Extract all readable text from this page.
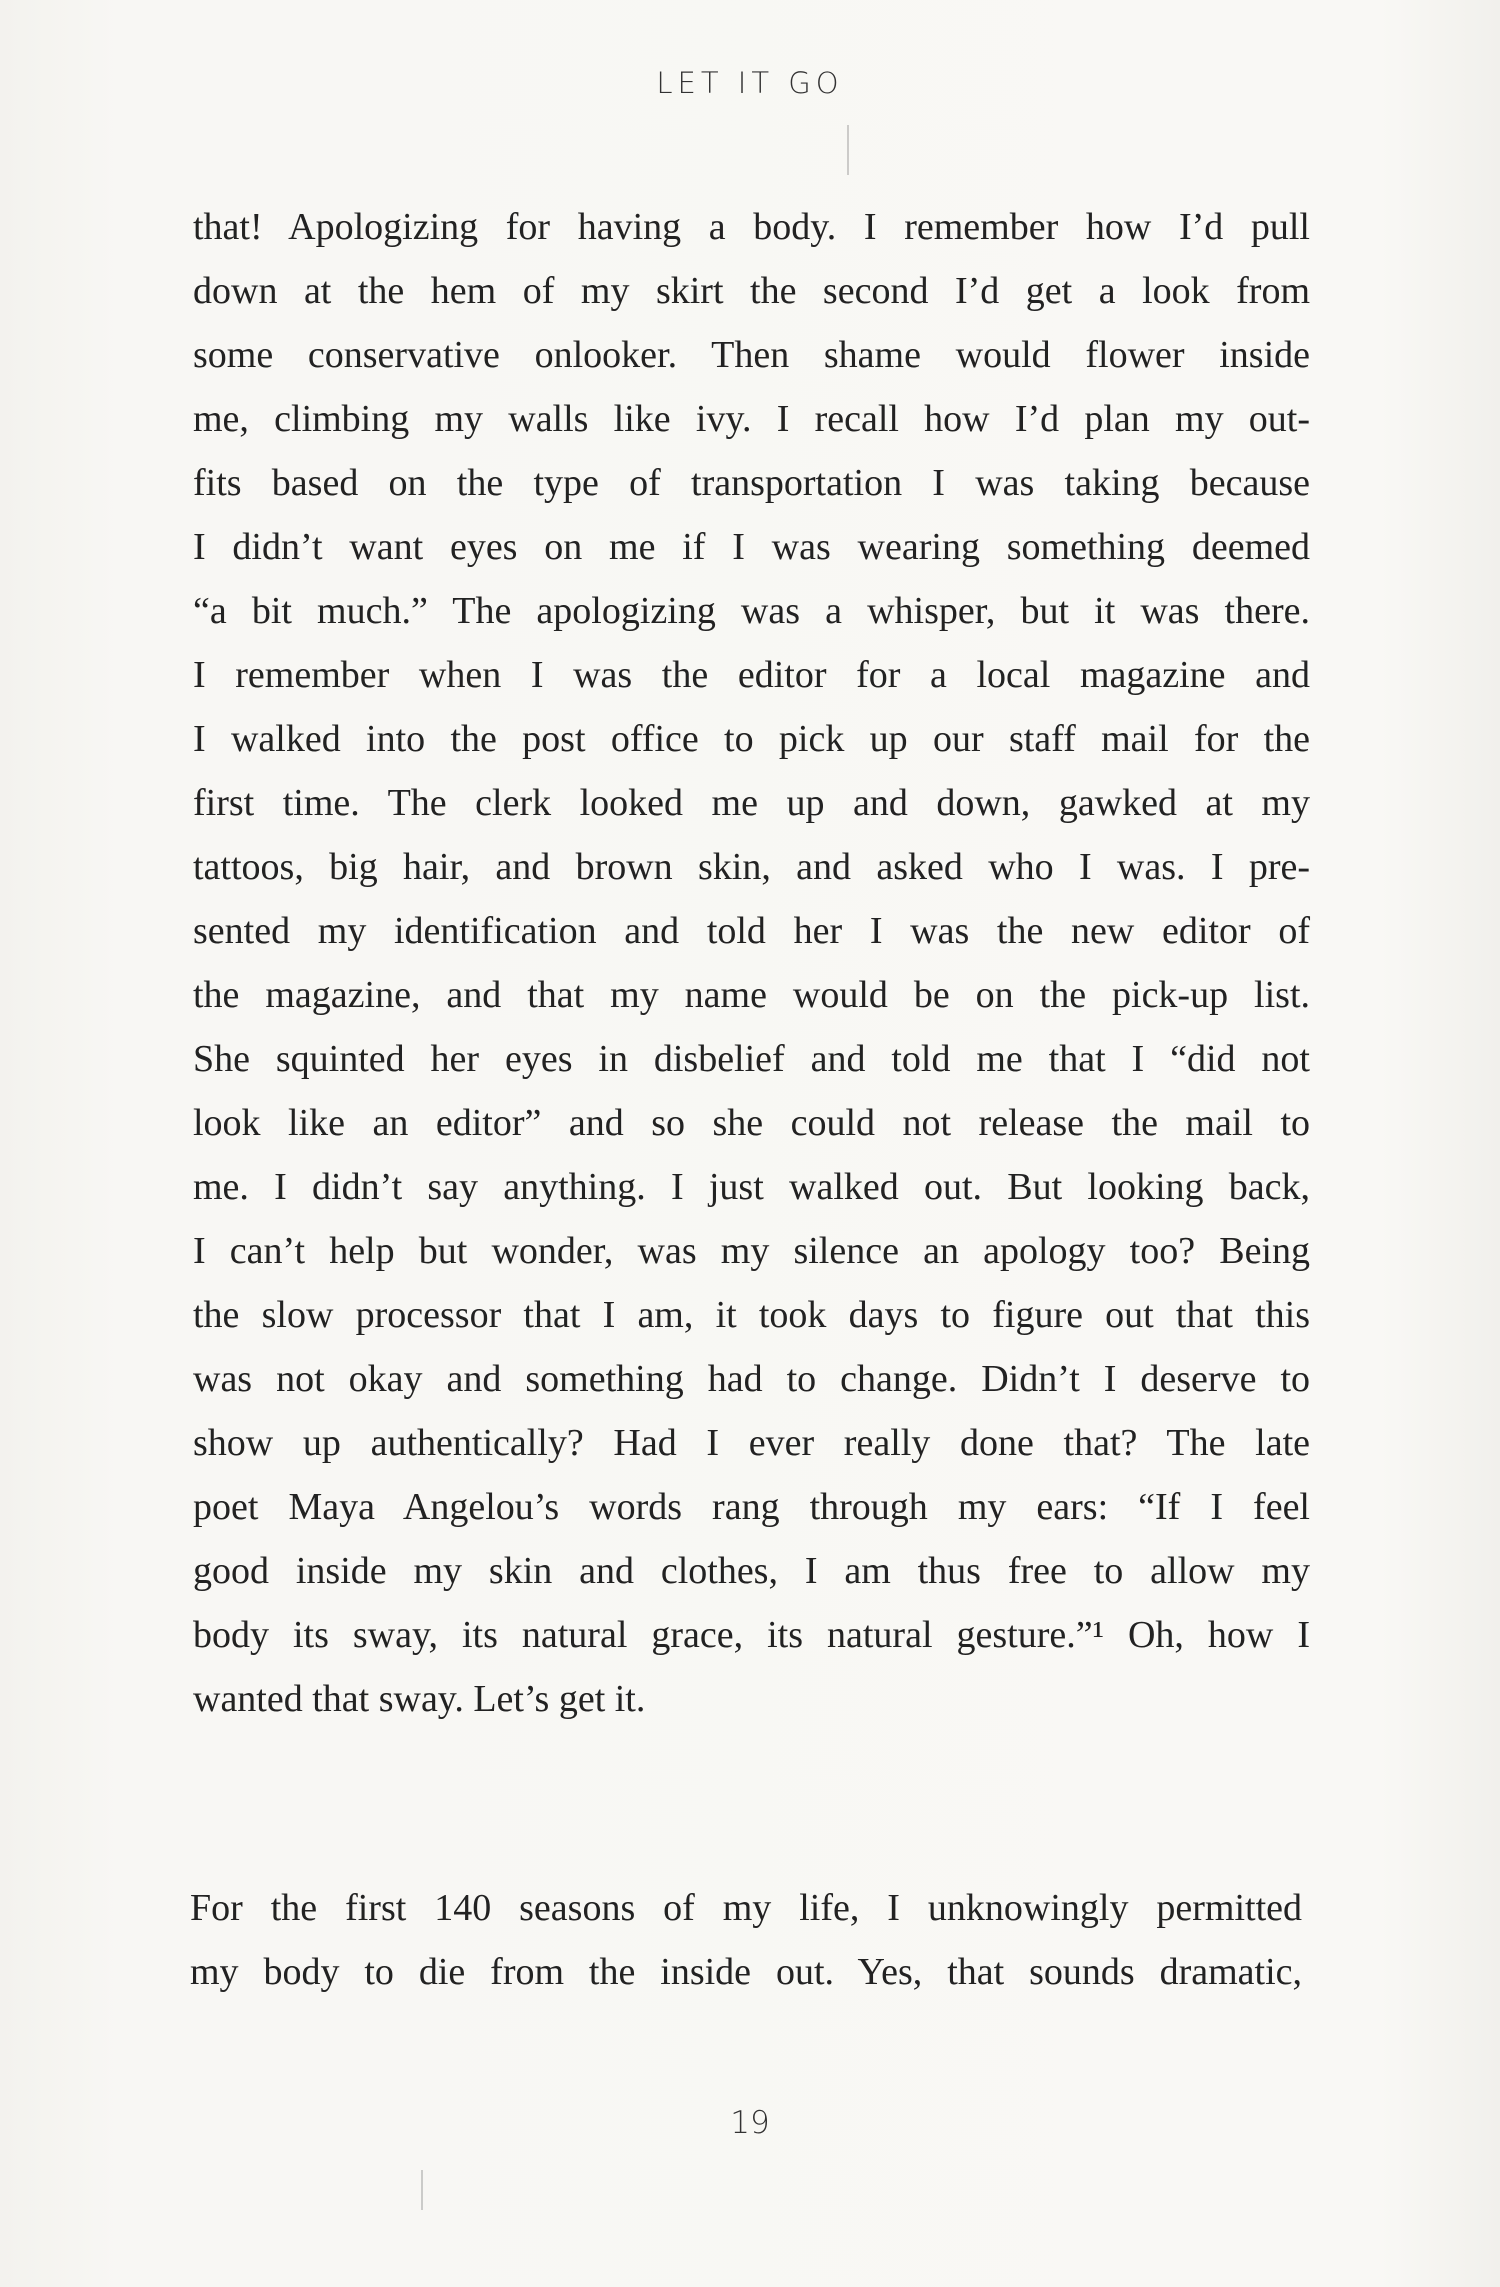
LET IT GO
that! Apologizing for having a body. I remember how I’d pull
down at the hem of my skirt the second I’d get a look from
some conservative onlooker. Then shame would flower inside
me, climbing my walls like ivy. I recall how I’d plan my out-
fits based on the type of transportation I was taking because
I didn’t want eyes on me if I was wearing something deemed
“a bit much.” The apologizing was a whisper, but it was there.
I remember when I was the editor for a local magazine and
I walked into the post office to pick up our staff mail for the
first time. The clerk looked me up and down, gawked at my
tattoos, big hair, and brown skin, and asked who I was. I pre-
sented my identification and told her I was the new editor of
the magazine, and that my name would be on the pick-up list.
She squinted her eyes in disbelief and told me that I “did not
look like an editor” and so she could not release the mail to
me. I didn’t say anything. I just walked out. But looking back,
I can’t help but wonder, was my silence an apology too? Being
the slow processor that I am, it took days to figure out that this
was not okay and something had to change. Didn’t I deserve to
show up authentically? Had I ever really done that? The late
poet Maya Angelou’s words rang through my ears: “If I feel
good inside my skin and clothes, I am thus free to allow my
body its sway, its natural grace, its natural gesture.”¹ Oh, how I
wanted that sway. Let’s get it.
For the first 140 seasons of my life, I unknowingly permitted
my body to die from the inside out. Yes, that sounds dramatic,
19
